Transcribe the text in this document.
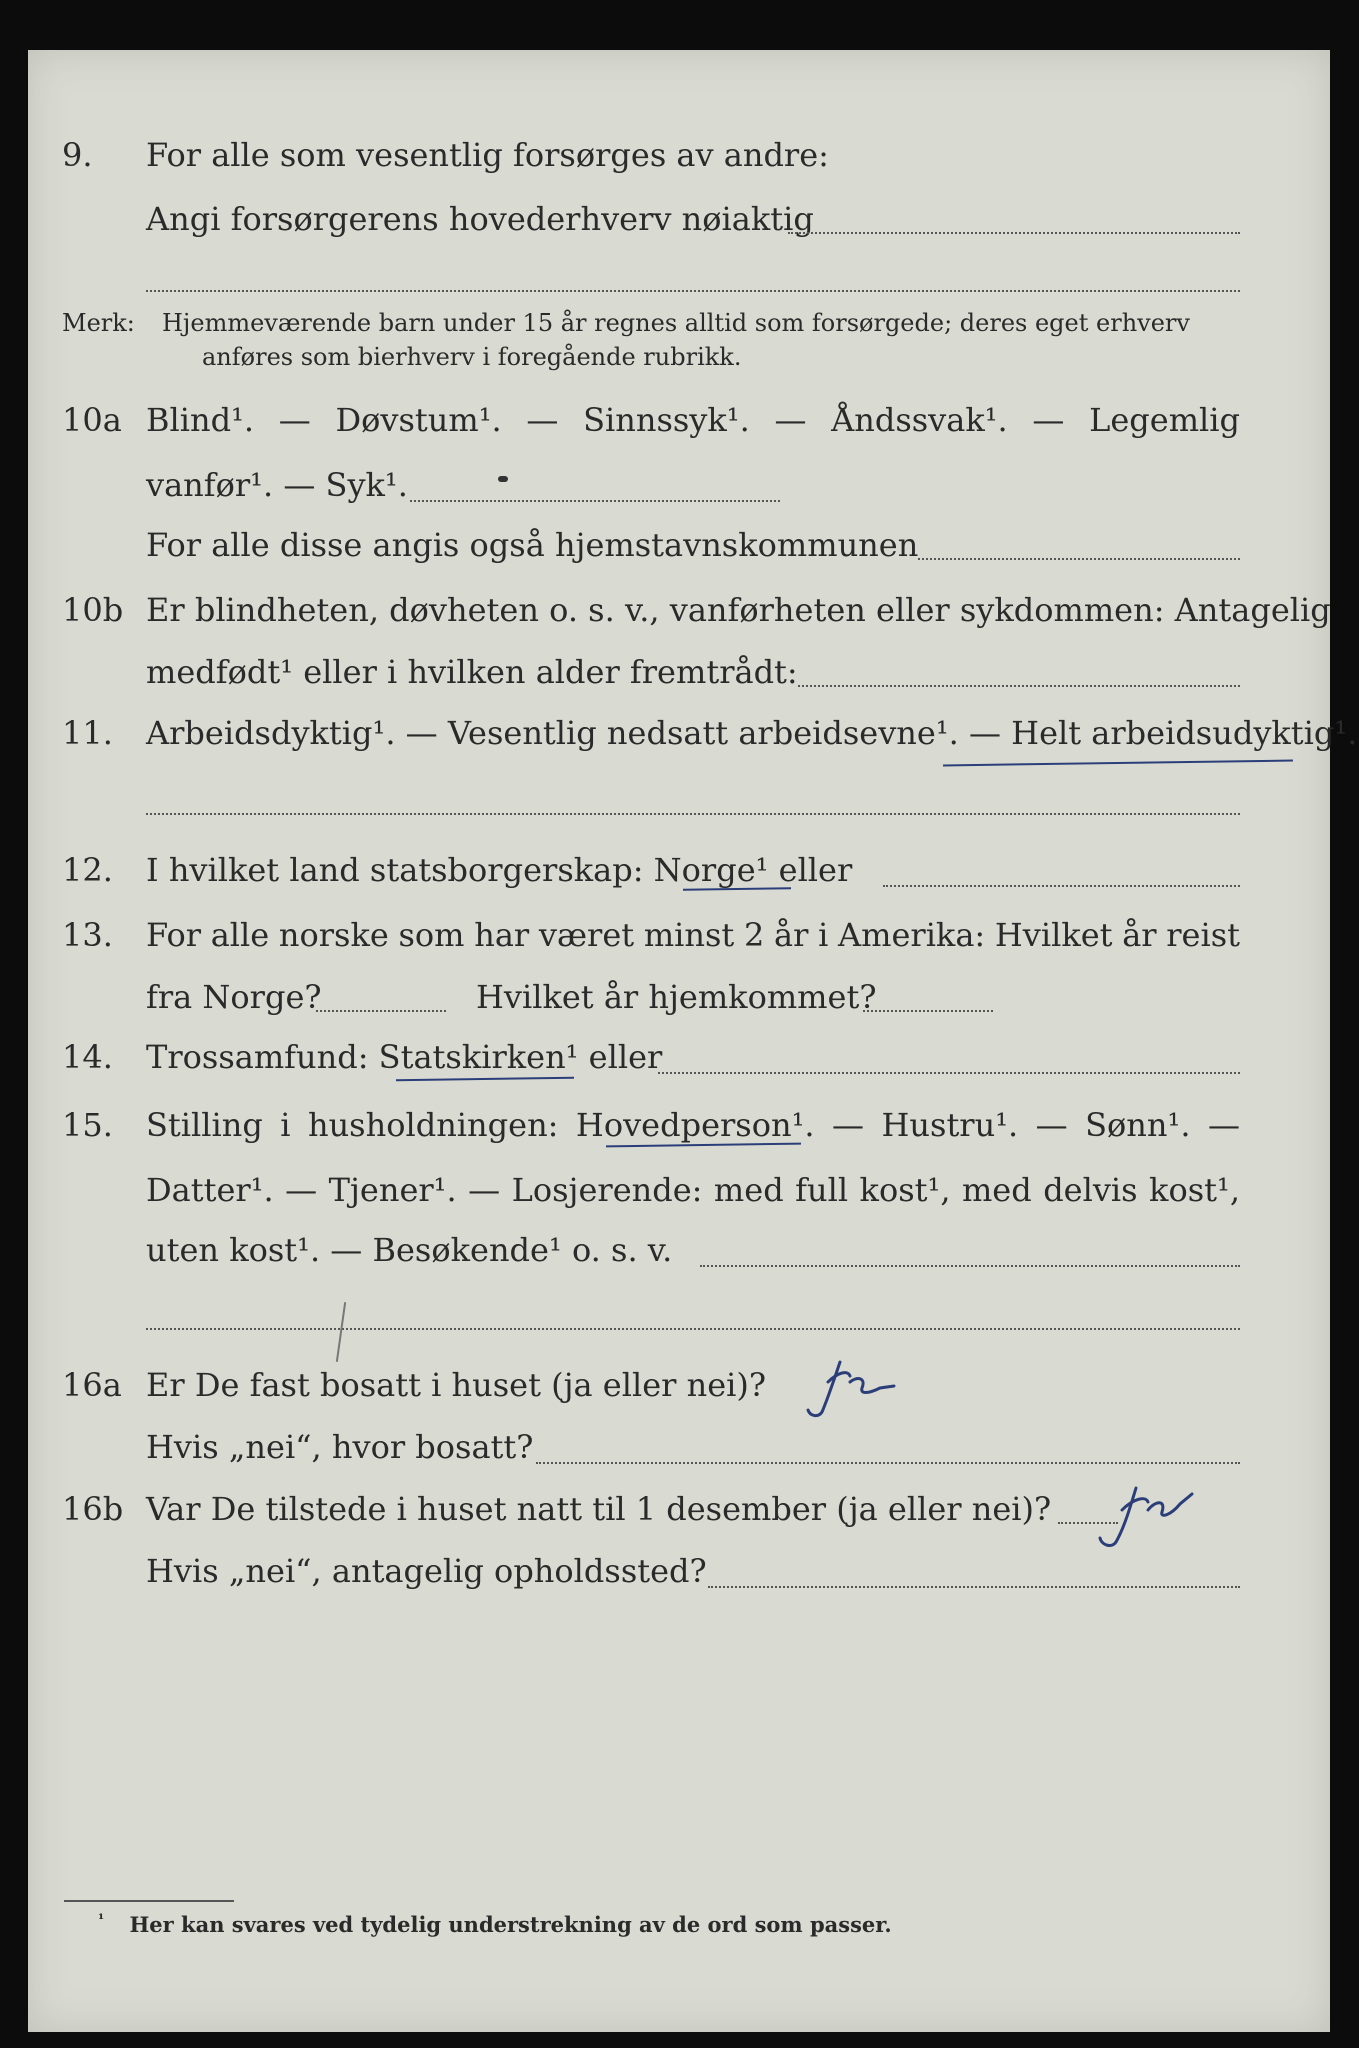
9. For alle som vesentlig forsørges av andre:
Angi forsørgerens hovederhverv nøiaktig
Merk: Hjemmeværende barn under 15 år regnes alltid som forsørgede; deres eget erhverv
anføres som bierhverv i foregående rubrikk.
10a Blind¹. — Døvstum¹. — Sinnssyk¹. — Åndssvak¹. — Legemlig
vanfør¹. — Syk¹.
For alle disse angis også hjemstavnskommunen
10b Er blindheten, døvheten o. s. v., vanførheten eller sykdommen: Antagelig
medfødt¹ eller i hvilken alder fremtrådt:
11. Arbeidsdyktig¹. — Vesentlig nedsatt arbeidsevne¹. — Helt arbeidsudyktig¹.
12. I hvilket land statsborgerskap: Norge¹ eller
13. For alle norske som har været minst 2 år i Amerika: Hvilket år reist
fra Norge?	Hvilket år hjemkommet?
14. Trossamfund: Statskirken¹ eller
15. Stilling i husholdningen: Hovedperson¹. — Hustru¹. — Sønn¹. —
Datter¹. — Tjener¹. — Losjerende: med full kost¹, med delvis kost¹,
uten kost¹. — Besøkende¹ o. s. v.
16a Er De fast bosatt i huset (ja eller nei)?
Hvis „nei“, hvor bosatt?
16b Var De tilstede i huset natt til 1 desember (ja eller nei)?
Hvis „nei“, antagelig opholdssted?
$^{^1}$ Her kan svares ved tydelig understrekning av de ord som passer.
